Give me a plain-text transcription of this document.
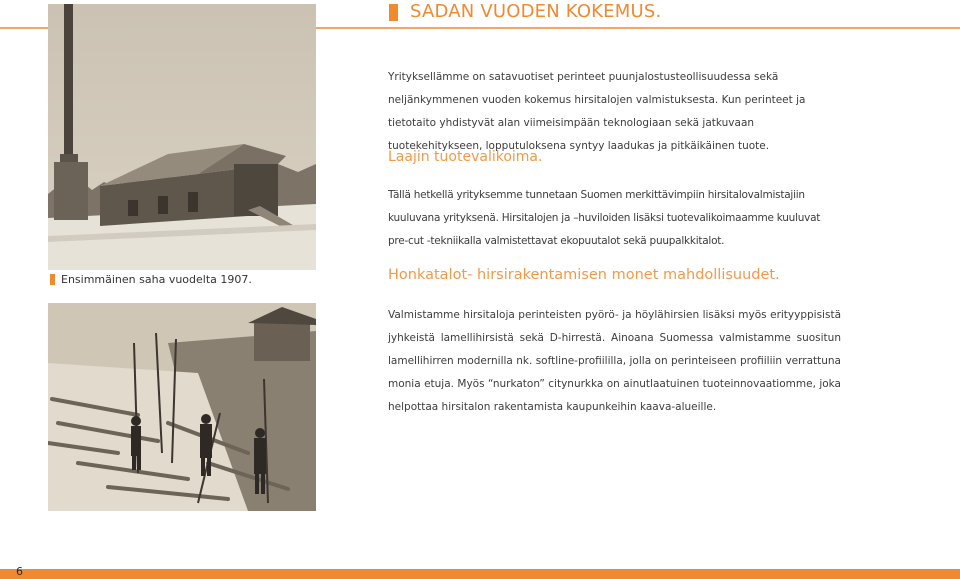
SADAN VUODEN KOKEMUS.
Ensimmäinen saha vuodelta 1907.
Yrityksellämme on satavuotiset perinteet puunjalostusteollisuudessa sekä neljänkymmenen vuoden kokemus hirsitalojen valmistuksesta. Kun perinteet ja tietotaito yhdistyvät alan viimeisimpään teknologiaan sekä jatkuvaan tuotekehitykseen, lopputuloksena syntyy laadukas ja pitkäikäinen tuote.
Laajin tuotevalikoima.
Tällä hetkellä yrityksemme tunnetaan Suomen merkittävimpiin hirsitalovalmistajiin kuuluvana yrityksenä. Hirsitalojen ja –huviloiden lisäksi tuotevalikoimaamme kuuluvat pre-cut -tekniikalla valmistettavat ekopuutalot sekä puupalkkitalot.
Honkatalot- hirsirakentamisen monet mahdollisuudet.
Valmistamme hirsitaloja perinteisten pyörö- ja höylähirsien lisäksi myös erityyppisistä jyhkeistä lamellihirsistä sekä D-hirrestä. Ainoana Suomessa valmistamme suositun lamellihirren modernilla nk. softline-profiililla, jolla on perinteiseen profiiliin verrattuna monia etuja. Myös “nurkaton” citynurkka on ainutlaatuinen tuoteinnovaatiomme, joka helpottaa hirsitalon rakentamista kaupunkeihin kaava-alueille.
6
